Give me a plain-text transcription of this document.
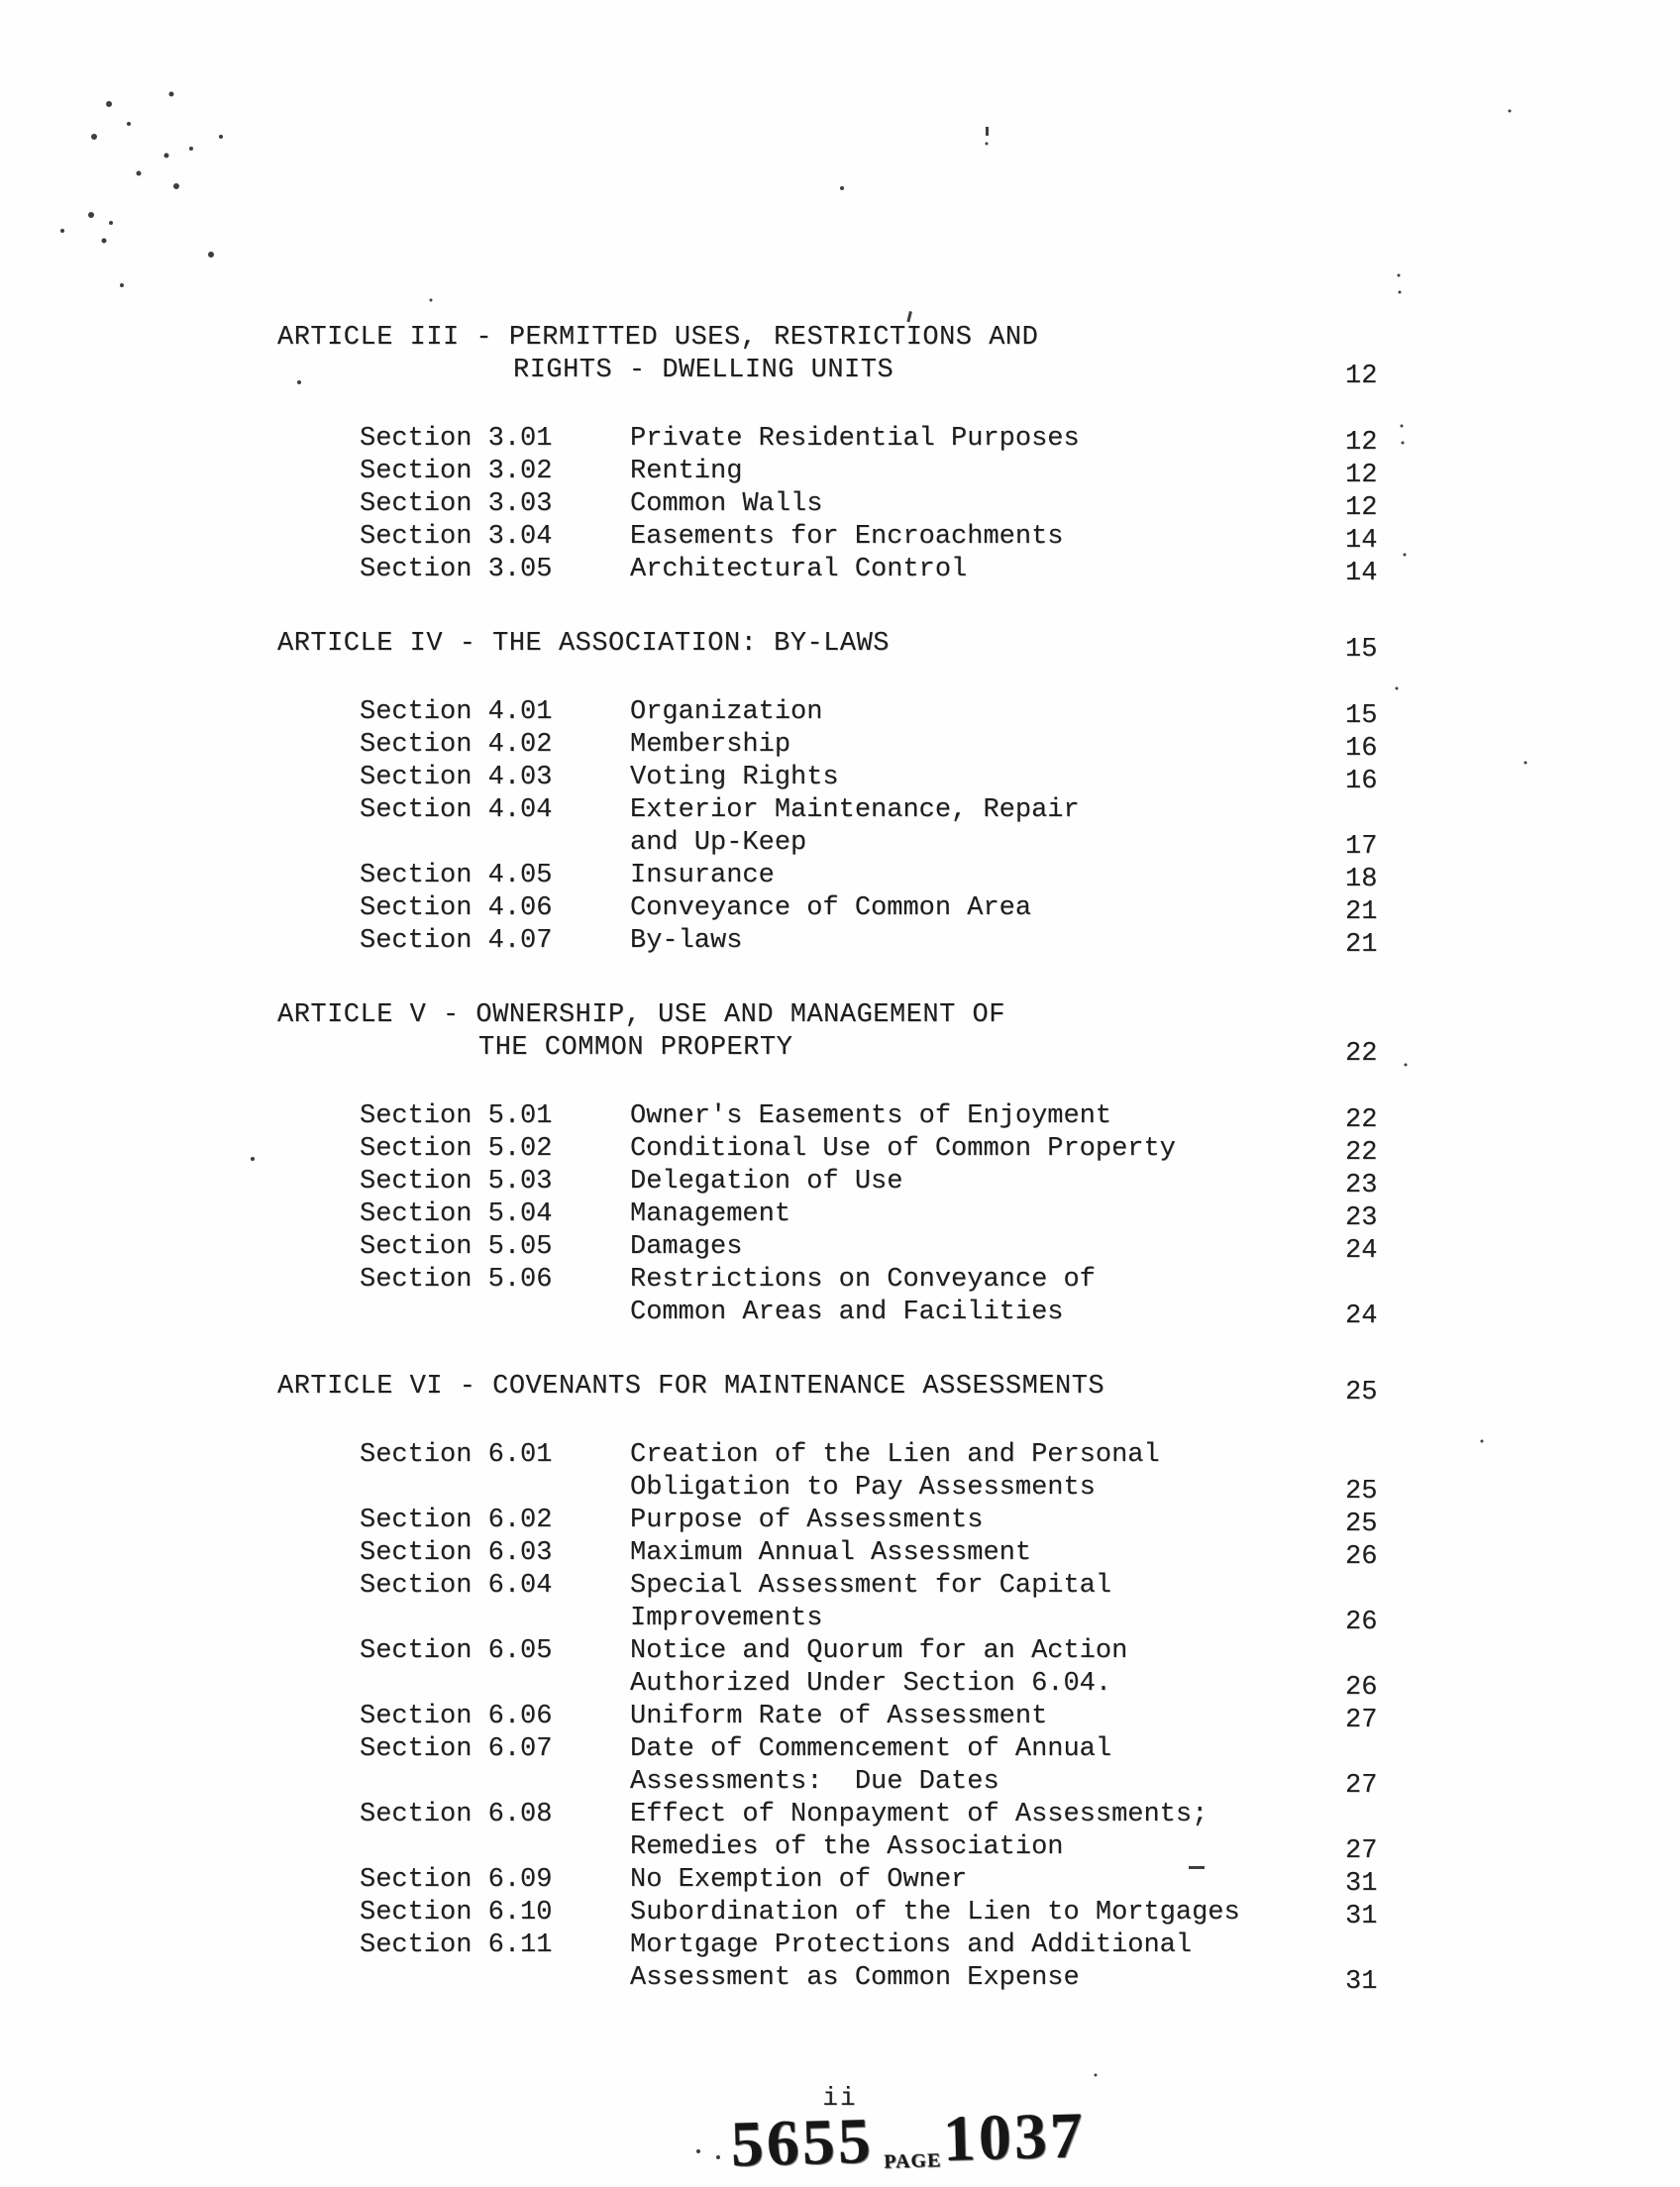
ARTICLE III - PERMITTED USES, RESTRICTIONS AND
RIGHTS - DWELLING UNITS	12
Section 3.01	Private Residential Purposes	12
Section 3.02	Renting	12
Section 3.03	Common Walls	12
Section 3.04	Easements for Encroachments	14
Section 3.05	Architectural Control	14
ARTICLE IV - THE ASSOCIATION: BY-LAWS	15
Section 4.01	Organization	15
Section 4.02	Membership	16
Section 4.03	Voting Rights	16
Section 4.04	Exterior Maintenance, Repair
and Up-Keep	17
Section 4.05	Insurance	18
Section 4.06	Conveyance of Common Area	21
Section 4.07	By-laws	21
ARTICLE V - OWNERSHIP, USE AND MANAGEMENT OF
THE COMMON PROPERTY	22
Section 5.01	Owner's Easements of Enjoyment	22
Section 5.02	Conditional Use of Common Property	22
Section 5.03	Delegation of Use	23
Section 5.04	Management	23
Section 5.05	Damages	24
Section 5.06	Restrictions on Conveyance of
Common Areas and Facilities	24
ARTICLE VI - COVENANTS FOR MAINTENANCE ASSESSMENTS	25
Section 6.01	Creation of the Lien and Personal
Obligation to Pay Assessments	25
Section 6.02	Purpose of Assessments	25
Section 6.03	Maximum Annual Assessment	26
Section 6.04	Special Assessment for Capital
Improvements	26
Section 6.05	Notice and Quorum for an Action
Authorized Under Section 6.04.	26
Section 6.06	Uniform Rate of Assessment	27
Section 6.07	Date of Commencement of Annual
Assessments:  Due Dates	27
Section 6.08	Effect of Nonpayment of Assessments;
Remedies of the Association	27
Section 6.09	No Exemption of Owner	31
Section 6.10	Subordination of the Lien to Mortgages	31
Section 6.11	Mortgage Protections and Additional
Assessment as Common Expense	31
ii
5655 $_{PAGE}$1037
